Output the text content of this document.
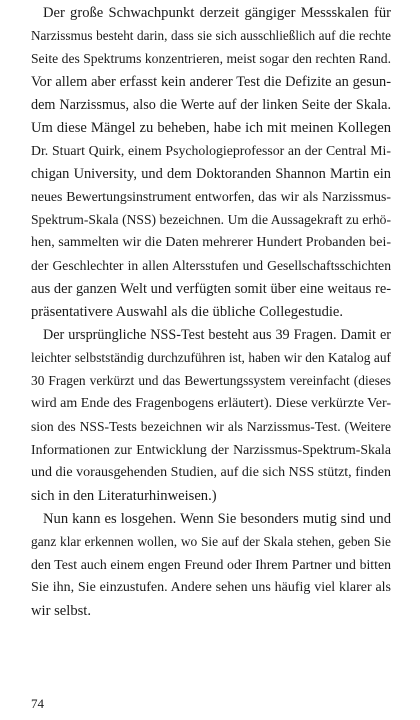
Der große Schwachpunkt derzeit gängiger Messskalen für
Narzissmus besteht darin, dass sie sich ausschließlich auf die rechte
Seite des Spektrums konzentrieren, meist sogar den rechten Rand.
Vor allem aber erfasst kein anderer Test die Defizite an gesun-
dem Narzissmus, also die Werte auf der linken Seite der Skala.
Um diese Mängel zu beheben, habe ich mit meinen Kollegen
Dr. Stuart Quirk, einem Psychologieprofessor an der Central Mi-
chigan University, und dem Doktoranden Shannon Martin ein
neues Bewertungsinstrument entworfen, das wir als Narzissmus-
Spektrum-Skala (NSS) bezeichnen. Um die Aussagekraft zu erhö-
hen, sammelten wir die Daten mehrerer Hundert Probanden bei-
der Geschlechter in allen Altersstufen und Gesellschaftsschichten
aus der ganzen Welt und verfügten somit über eine weitaus re-
präsentativere Auswahl als die übliche Collegestudie.
Der ursprüngliche NSS-Test besteht aus 39 Fragen. Damit er
leichter selbstständig durchzuführen ist, haben wir den Katalog auf
30 Fragen verkürzt und das Bewertungssystem vereinfacht (dieses
wird am Ende des Fragenbogens erläutert). Diese verkürzte Ver-
sion des NSS-Tests bezeichnen wir als Narzissmus-Test. (Weitere
Informationen zur Entwicklung der Narzissmus-Spektrum-Skala
und die vorausgehenden Studien, auf die sich NSS stützt, finden
sich in den Literaturhinweisen.)
Nun kann es losgehen. Wenn Sie besonders mutig sind und
ganz klar erkennen wollen, wo Sie auf der Skala stehen, geben Sie
den Test auch einem engen Freund oder Ihrem Partner und bitten
Sie ihn, Sie einzustufen. Andere sehen uns häufig viel klarer als
wir selbst.
74
